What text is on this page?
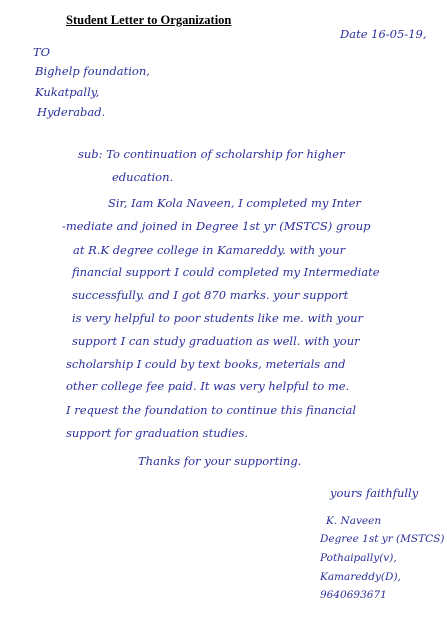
Student Letter to Organization
Date 16-05-19,
TO
Bighelp foundation,
Kukatpally,
Hyderabad.
sub: To continuation of scholarship for higher
education.
Sir, Iam Kola Naveen, I completed my Inter
-mediate and joined in Degree 1st yr (MSTCS) group
at R.K degree college in Kamareddy. with your
financial support I could completed my Intermediate
successfully. and I got 870 marks. your support
is very helpful to poor students like me. with your
support I can study graduation as well. with your
scholarship I could by text books, meterials and
other college fee paid. It was very helpful to me.
I request the foundation to continue this financial
support for graduation studies.
Thanks for your supporting.
yours faithfully
K. Naveen
Degree 1st yr (MSTCS)
Pothaipally(v),
Kamareddy(D),
9640693671
